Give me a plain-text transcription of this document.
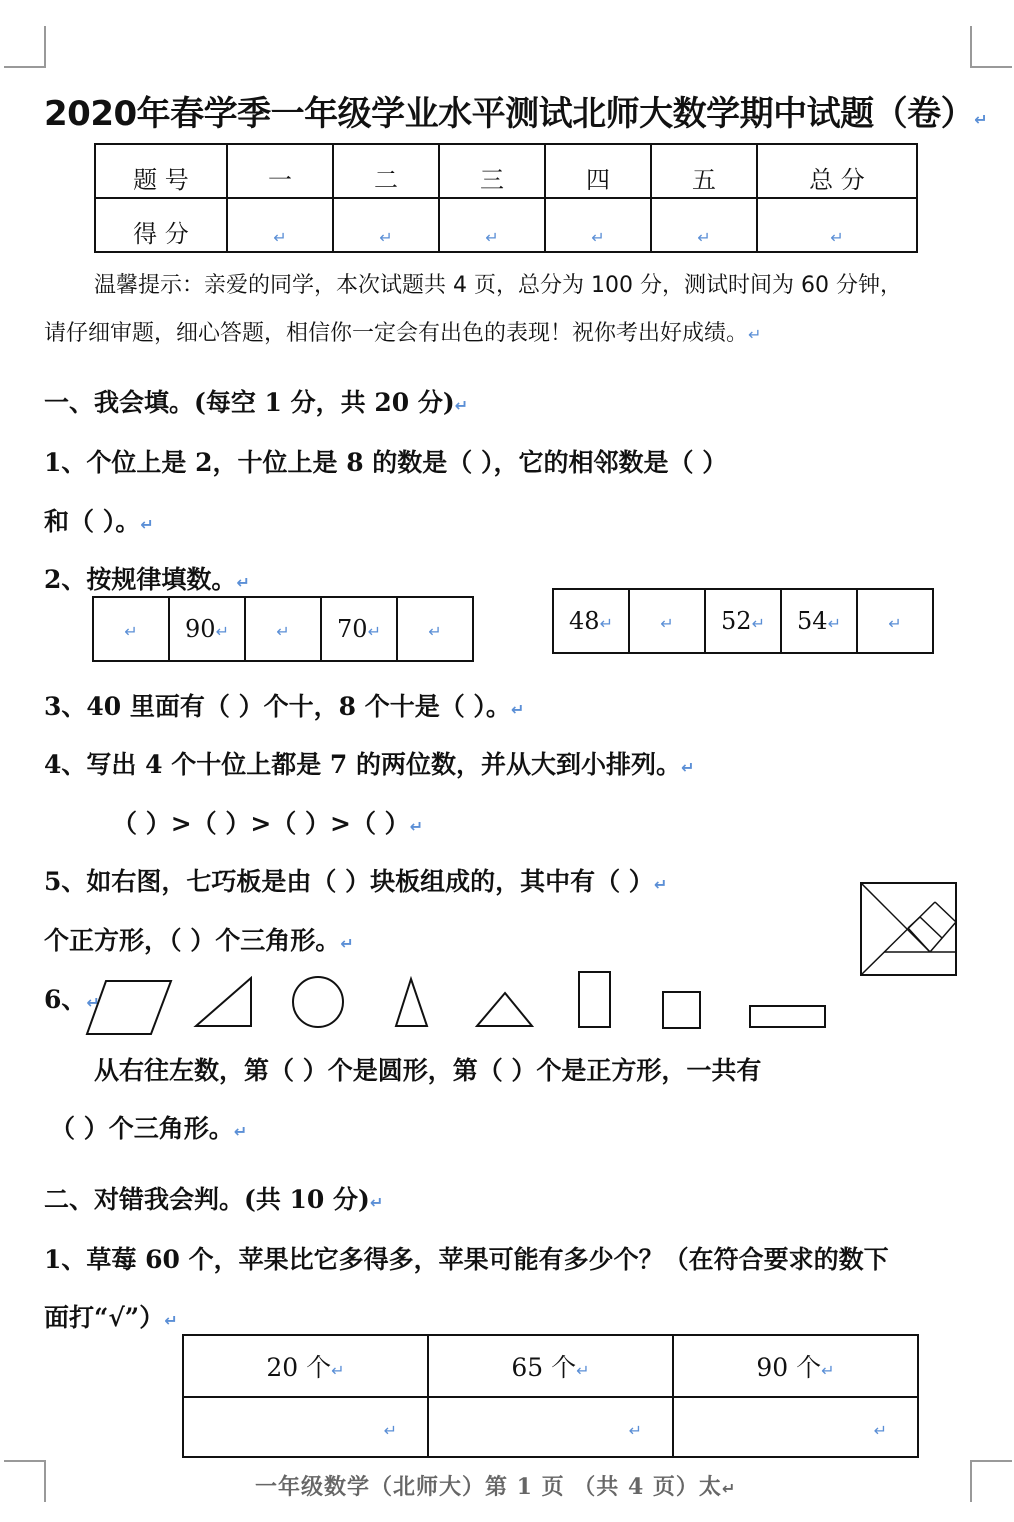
2020年春学季一年级学业水平测试北师大数学期中试题（卷）↵
题 号	一	二	三	四	五	总 分
得 分	↵	↵	↵	↵	↵	↵
温馨提示：亲爱的同学，本次试题共 4 页，总分为 100 分，测试时间为 60 分钟，
请仔细审题，细心答题，相信你一定会有出色的表现！祝你考出好成绩。↵
一、我会填。(每空 1 分，共 20 分)↵
1、个位上是 2，十位上是 8 的数是（ ），它的相邻数是（ ）
和（ ）。↵
2、按规律填数。↵
↵	90↵	↵	70↵	↵	48↵	↵	52↵	54↵	↵
3、40 里面有（ ）个十，8 个十是（ ）。↵
4、写出 4 个十位上都是 7 的两位数，并从大到小排列。↵
（ ）>（ ）>（ ）>（ ）↵
5、如右图，七巧板是由（ ）块板组成的，其中有（ ）↵
个正方形，（ ）个三角形。↵
6、↵
从右往左数，第（ ）个是圆形，第（ ）个是正方形，一共有
（ ）个三角形。↵
二、对错我会判。(共 10 分)↵
1、草莓 60 个，苹果比它多得多，苹果可能有多少个？（在符合要求的数下
面打“√”）↵
20 个↵	65 个↵	90 个↵
↵	↵	↵
一年级数学（北师大）第 1 页 （共 4 页）太↵
